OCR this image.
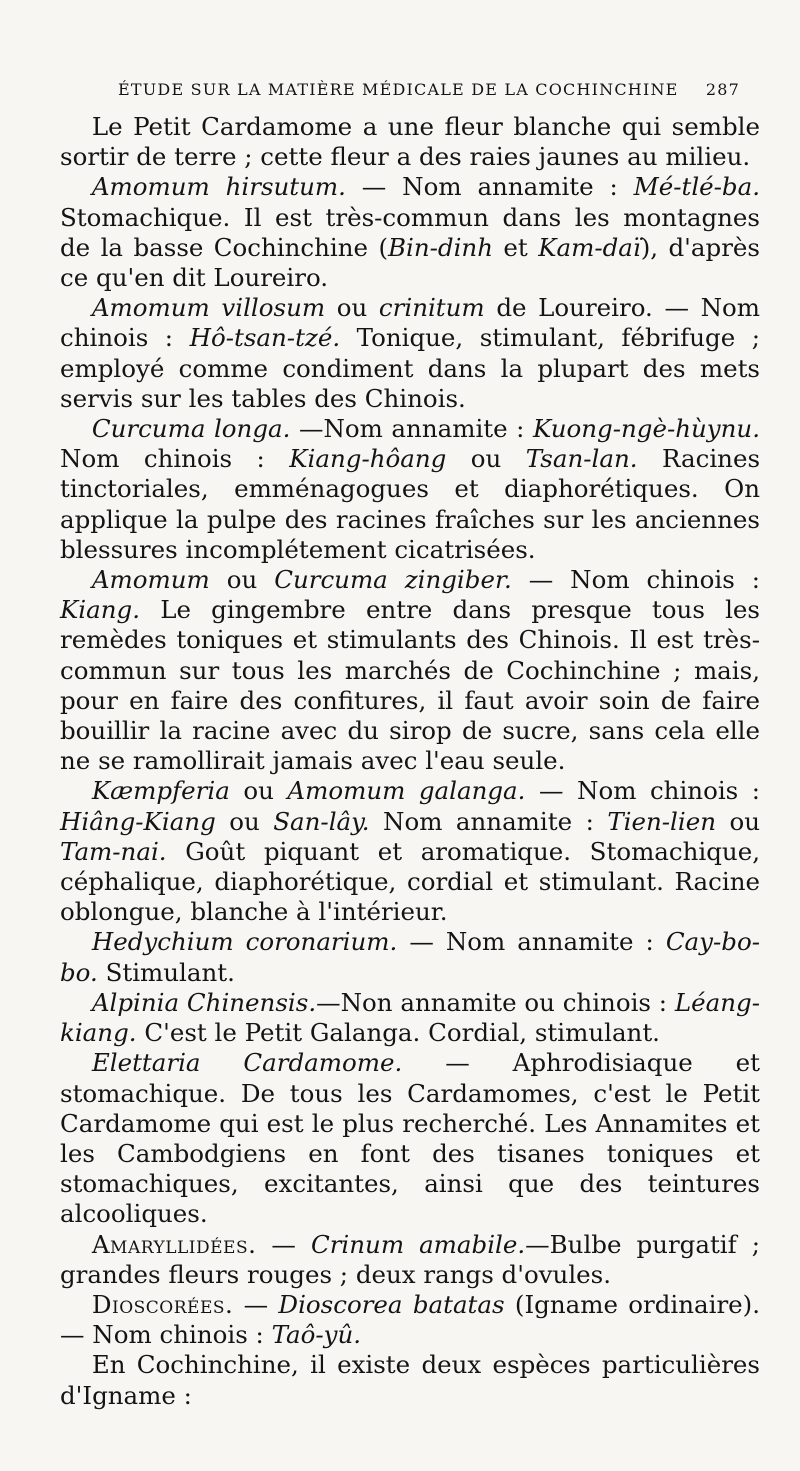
ÉTUDE SUR LA MATIÈRE MÉDICALE DE LA COCHINCHINE 287

Le Petit Cardamome a une fleur blanche qui semble sortir de terre ; cette fleur a des raies jaunes au milieu.

Amomum hirsutum. — Nom annamite : Mé-tlé-ba. Stomachique. Il est très-commun dans les montagnes de la basse Cochinchine (Bin-dinh et Kam-daï), d'après ce qu'en dit Loureiro.

Amomum villosum ou crinitum de Loureiro. — Nom chinois : Hô-tsan-tzé. Tonique, stimulant, fébrifuge ; employé comme condiment dans la plupart des mets servis sur les tables des Chinois.

Curcuma longa. —Nom annamite : Kuong-ngè-hùynu. Nom chinois : Kiang-hôang ou Tsan-lan. Racines tinctoriales, emménagogues et diaphorétiques. On applique la pulpe des racines fraîches sur les anciennes blessures incomplétement cicatrisées.

Amomum ou Curcuma zingiber. — Nom chinois : Kiang. Le gingembre entre dans presque tous les remèdes toniques et stimulants des Chinois. Il est très-commun sur tous les marchés de Cochinchine ; mais, pour en faire des confitures, il faut avoir soin de faire bouillir la racine avec du sirop de sucre, sans cela elle ne se ramollirait jamais avec l'eau seule.

Kæmpferia ou Amomum galanga. — Nom chinois : Hiâng-Kiang ou San-lây. Nom annamite : Tien-lien ou Tam-nai. Goût piquant et aromatique. Stomachique, céphalique, diaphorétique, cordial et stimulant. Racine oblongue, blanche à l'intérieur.

Hedychium coronarium. — Nom annamite : Cay-bo-bo. Stimulant.

Alpinia Chinensis.—Non annamite ou chinois : Léang-kiang. C'est le Petit Galanga. Cordial, stimulant.

Elettaria Cardamome. — Aphrodisiaque et stomachique. De tous les Cardamomes, c'est le Petit Cardamome qui est le plus recherché. Les Annamites et les Cambodgiens en font des tisanes toniques et stomachiques, excitantes, ainsi que des teintures alcooliques.

Amaryllidées. — Crinum amabile.—Bulbe purgatif ; grandes fleurs rouges ; deux rangs d'ovules.

Dioscorées. — Dioscorea batatas (Igname ordinaire).— Nom chinois : Taô-yû.

En Cochinchine, il existe deux espèces particulières d'Igname :
